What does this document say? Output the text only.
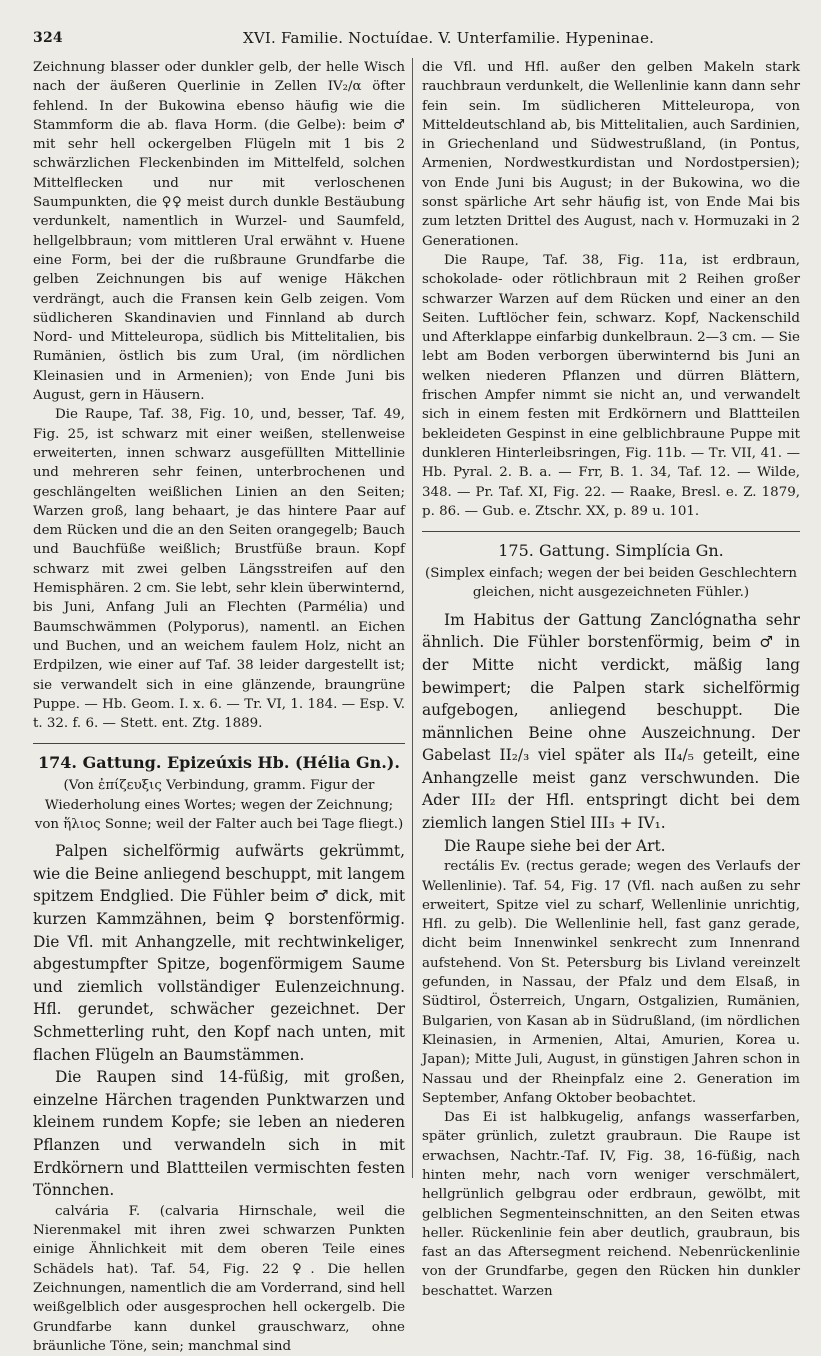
324	XVI. Familie. Noctuídae. V. Unterfamilie. Hypeninae.

Zeichnung blasser oder dunkler gelb, der helle Wisch nach der äußeren Querlinie in Zellen IV₂/α öfter fehlend. In der Bukowina ebenso häufig wie die Stammform die ab. flava Horm. (die Gelbe): beim ♂ mit sehr hell ockergelben Flügeln mit 1 bis 2 schwärzlichen Fleckenbinden im Mittelfeld, solchen Mittelflecken und nur mit verloschenen Saumpunkten, die ♀♀ meist durch dunkle Bestäubung verdunkelt, namentlich in Wurzel- und Saumfeld, hellgelbbraun; vom mittleren Ural erwähnt v. Huene eine Form, bei der die rußbraune Grundfarbe die gelben Zeichnungen bis auf wenige Häkchen verdrängt, auch die Fransen kein Gelb zeigen. Vom südlicheren Skandinavien und Finnland ab durch Nord- und Mitteleuropa, südlich bis Mittelitalien, bis Rumänien, östlich bis zum Ural, (im nördlichen Kleinasien und in Armenien); von Ende Juni bis August, gern in Häusern.

Die Raupe, Taf. 38, Fig. 10, und, besser, Taf. 49, Fig. 25, ist schwarz mit einer weißen, stellenweise erweiterten, innen schwarz ausgefüllten Mittellinie und mehreren sehr feinen, unterbrochenen und geschlängelten weißlichen Linien an den Seiten; Warzen groß, lang behaart, je das hintere Paar auf dem Rücken und die an den Seiten orangegelb; Bauch und Bauchfüße weißlich; Brustfüße braun. Kopf schwarz mit zwei gelben Längsstreifen auf den Hemisphären. 2 cm. Sie lebt, sehr klein überwinternd, bis Juni, Anfang Juli an Flechten (Parmélia) und Baumschwämmen (Polyporus), namentl. an Eichen und Buchen, und an weichem faulem Holz, nicht an Erdpilzen, wie einer auf Taf. 38 leider dargestellt ist; sie verwandelt sich in eine glänzende, braungrüne Puppe. — Hb. Geom. I. x. 6. — Tr. VI, 1. 184. — Esp. V. t. 32. f. 6. — Stett. ent. Ztg. 1889.

174. Gattung. Epizeúxis Hb. (Hélia Gn.).
(Von ἐπίζευξις Verbindung, gramm. Figur der Wiederholung eines Wortes; wegen der Zeichnung; von ἥλιος Sonne; weil der Falter auch bei Tage fliegt.)

Palpen sichelförmig aufwärts gekrümmt, wie die Beine anliegend beschuppt, mit langem spitzem Endglied. Die Fühler beim ♂ dick, mit kurzen Kammzähnen, beim ♀ borstenförmig. Die Vfl. mit Anhangzelle, mit rechtwinkeliger, abgestumpfter Spitze, bogenförmigem Saume und ziemlich vollständiger Eulenzeichnung. Hfl. gerundet, schwächer gezeichnet. Der Schmetterling ruht, den Kopf nach unten, mit flachen Flügeln an Baumstämmen.

Die Raupen sind 14-füßig, mit großen, einzelne Härchen tragenden Punktwarzen und kleinem rundem Kopfe; sie leben an niederen Pflanzen und verwandeln sich in mit Erdkörnern und Blattteilen vermischten festen Tönnchen.

calvária F. (calvaria Hirnschale, weil die Nierenmakel mit ihren zwei schwarzen Punkten einige Ähnlichkeit mit dem oberen Teile eines Schädels hat). Taf. 54, Fig. 22 ♀. Die hellen Zeichnungen, namentlich die am Vorderrand, sind hell weißgelblich oder ausgesprochen hell ockergelb. Die Grundfarbe kann dunkel grauschwarz, ohne bräunliche Töne, sein; manchmal sind

die Vfl. und Hfl. außer den gelben Makeln stark rauchbraun verdunkelt, die Wellenlinie kann dann sehr fein sein. Im südlicheren Mitteleuropa, von Mitteldeutschland ab, bis Mittelitalien, auch Sardinien, in Griechenland und Südwestrußland, (in Pontus, Armenien, Nordwestkurdistan und Nordostpersien); von Ende Juni bis August; in der Bukowina, wo die sonst spärliche Art sehr häufig ist, von Ende Mai bis zum letzten Drittel des August, nach v. Hormuzaki in 2 Generationen.

Die Raupe, Taf. 38, Fig. 11a, ist erdbraun, schokolade- oder rötlichbraun mit 2 Reihen großer schwarzer Warzen auf dem Rücken und einer an den Seiten. Luftlöcher fein, schwarz. Kopf, Nackenschild und Afterklappe einfarbig dunkelbraun. 2—3 cm. — Sie lebt am Boden verborgen überwinternd bis Juni an welken niederen Pflanzen und dürren Blättern, frischen Ampfer nimmt sie nicht an, und verwandelt sich in einem festen mit Erdkörnern und Blattteilen bekleideten Gespinst in eine gelblichbraune Puppe mit dunkleren Hinterleibsringen, Fig. 11b. — Tr. VII, 41. — Hb. Pyral. 2. B. a. — Frr, B. 1. 34, Taf. 12. — Wilde, 348. — Pr. Taf. XI, Fig. 22. — Raake, Bresl. e. Z. 1879, p. 86. — Gub. e. Ztschr. XX, p. 89 u. 101.

175. Gattung. Simplícia Gn.
(Simplex einfach; wegen der bei beiden Geschlechtern gleichen, nicht ausgezeichneten Fühler.)

Im Habitus der Gattung Zanclógnatha sehr ähnlich. Die Fühler borstenförmig, beim ♂ in der Mitte nicht verdickt, mäßig lang bewimpert; die Palpen stark sichelförmig aufgebogen, anliegend beschuppt. Die männlichen Beine ohne Auszeichnung. Der Gabelast II₂/₃ viel später als II₄/₅ geteilt, eine Anhangzelle meist ganz verschwunden. Die Ader III₂ der Hfl. entspringt dicht bei dem ziemlich langen Stiel III₃ + IV₁.

Die Raupe siehe bei der Art.

rectális Ev. (rectus gerade; wegen des Verlaufs der Wellenlinie). Taf. 54, Fig. 17 (Vfl. nach außen zu sehr erweitert, Spitze viel zu scharf, Wellenlinie unrichtig, Hfl. zu gelb). Die Wellenlinie hell, fast ganz gerade, dicht beim Innenwinkel senkrecht zum Innenrand aufstehend. Von St. Petersburg bis Livland vereinzelt gefunden, in Nassau, der Pfalz und dem Elsaß, in Südtirol, Österreich, Ungarn, Ostgalizien, Rumänien, Bulgarien, von Kasan ab in Südrußland, (im nördlichen Kleinasien, in Armenien, Altai, Amurien, Korea u. Japan); Mitte Juli, August, in günstigen Jahren schon in Nassau und der Rheinpfalz eine 2. Generation im September, Anfang Oktober beobachtet.

Das Ei ist halbkugelig, anfangs wasserfarben, später grünlich, zuletzt graubraun. Die Raupe ist erwachsen, Nachtr.-Taf. IV, Fig. 38, 16-füßig, nach hinten mehr, nach vorn weniger verschmälert, hellgrünlich gelbgrau oder erdbraun, gewölbt, mit gelblichen Segmenteinschnitten, an den Seiten etwas heller. Rückenlinie fein aber deutlich, graubraun, bis fast an das Aftersegment reichend. Nebenrückenlinie von der Grundfarbe, gegen den Rücken hin dunkler beschattet. Warzen
